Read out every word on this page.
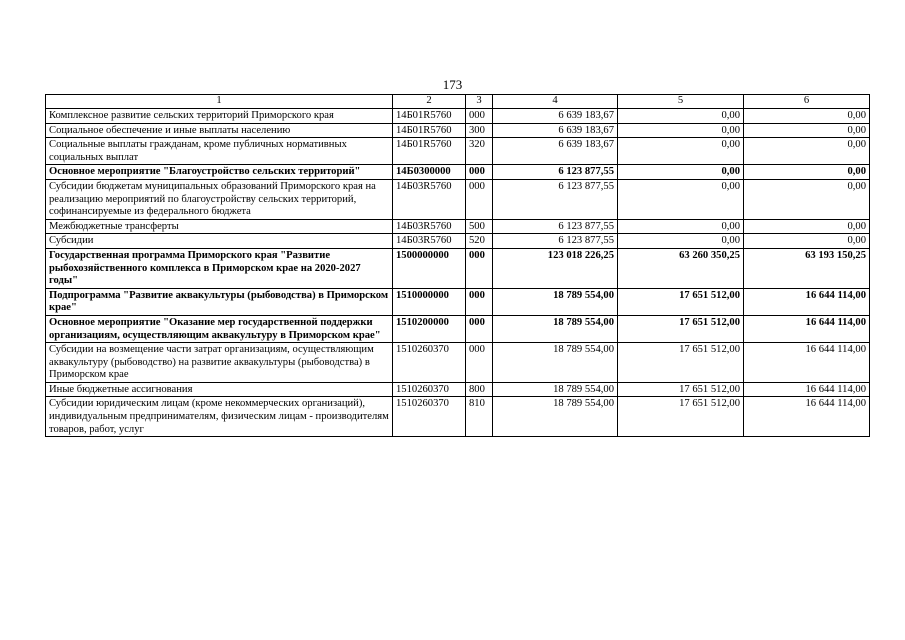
173
1	2	3	4	5	6
Комплексное развитие сельских территорий Приморского края	14Б01R5760	000	6 639 183,67	0,00	0,00
Социальное обеспечение и иные выплаты населению	14Б01R5760	300	6 639 183,67	0,00	0,00
Социальные выплаты гражданам, кроме публичных нормативных социальных выплат	14Б01R5760	320	6 639 183,67	0,00	0,00
Основное мероприятие "Благоустройство сельских территорий"	14Б0300000	000	6 123 877,55	0,00	0,00
Субсидии бюджетам муниципальных образований Приморского края на реализацию мероприятий по благоустройству сельских территорий, софинансируемые из федерального бюджета	14Б03R5760	000	6 123 877,55	0,00	0,00
Межбюджетные трансферты	14Б03R5760	500	6 123 877,55	0,00	0,00
Субсидии	14Б03R5760	520	6 123 877,55	0,00	0,00
Государственная программа Приморского края "Развитие рыбохозяйственного комплекса в Приморском крае на 2020-2027 годы"	1500000000	000	123 018 226,25	63 260 350,25	63 193 150,25
Подпрограмма "Развитие аквакультуры (рыбоводства) в Приморском крае"	1510000000	000	18 789 554,00	17 651 512,00	16 644 114,00
Основное мероприятие "Оказание мер государственной поддержки организациям, осуществляющим аквакультуру в Приморском крае"	1510200000	000	18 789 554,00	17 651 512,00	16 644 114,00
Субсидии на возмещение части затрат организациям, осуществляющим аквакультуру (рыбоводство) на развитие аквакультуры (рыбоводства) в Приморском крае	1510260370	000	18 789 554,00	17 651 512,00	16 644 114,00
Иные бюджетные ассигнования	1510260370	800	18 789 554,00	17 651 512,00	16 644 114,00
Субсидии юридическим лицам (кроме некоммерческих организаций), индивидуальным предпринимателям, физическим лицам - производителям товаров, работ, услуг	1510260370	810	18 789 554,00	17 651 512,00	16 644 114,00
